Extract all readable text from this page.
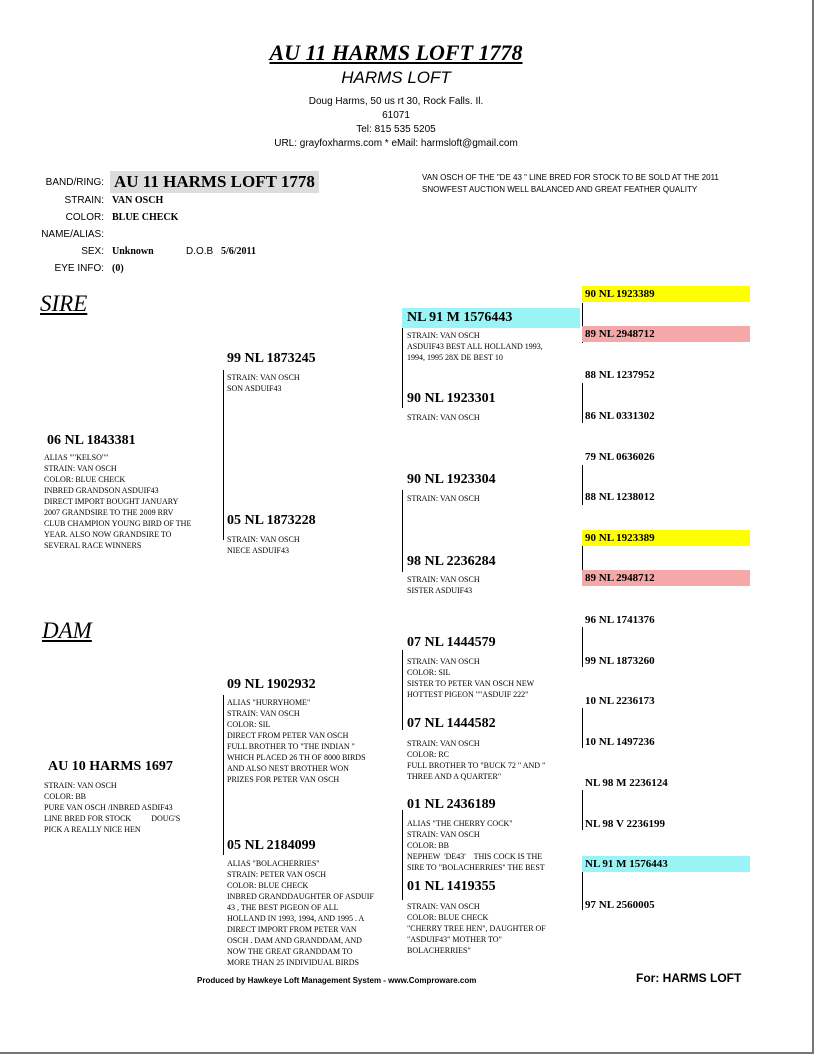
AU 11 HARMS LOFT 1778
HARMS LOFT
Doug Harms, 50 us rt 30, Rock Falls. Il.
61071
Tel: 815 535 5205
URL: grayfoxharms.com * eMail: harmsloft@gmail.com
BAND/RING: AU 11 HARMS LOFT 1778
STRAIN: VAN OSCH
COLOR: BLUE CHECK
NAME/ALIAS:
SEX: Unknown	D.O.B 5/6/2011
EYE INFO: (0)
VAN OSCH OF THE "DE 43 " LINE BRED FOR STOCK TO BE SOLD AT THE 2011 SNOWFEST AUCTION WELL BALANCED AND GREAT FEATHER QUALITY
SIRE
DAM
06 NL 1843381
ALIAS ""KELSO""
STRAIN: VAN OSCH
COLOR: BLUE CHECK
INBRED GRANDSON ASDUIF43
DIRECT IMPORT BOUGHT JANUARY
2007 GRANDSIRE TO THE 2009 RRV
CLUB CHAMPION YOUNG BIRD OF THE
YEAR. ALSO NOW GRANDSIRE TO
SEVERAL RACE WINNERS
99 NL 1873245
STRAIN: VAN OSCH
SON ASDUIF43
05 NL 1873228
STRAIN: VAN OSCH
NIECE ASDUIF43
NL 91 M 1576443
STRAIN: VAN OSCH
ASDUIF43 BEST ALL HOLLAND 1993,
1994, 1995 28X DE BEST 10
90 NL 1923301
STRAIN: VAN OSCH
90 NL 1923304
STRAIN: VAN OSCH
98 NL 2236284
STRAIN: VAN OSCH
SISTER ASDUIF43
AU 10 HARMS 1697
STRAIN: VAN OSCH
COLOR: BB
PURE VAN OSCH /INBRED ASDIF43
LINE BRED FOR STOCK          DOUG'S
PICK A REALLY NICE HEN
09 NL 1902932
ALIAS "HURRYHOME"
STRAIN: VAN OSCH
COLOR: SIL
DIRECT FROM PETER VAN OSCH
FULL BROTHER TO "THE INDIAN "
WHICH PLACED 26 TH OF 8000 BIRDS
AND ALSO NEST BROTHER WON
PRIZES FOR PETER VAN OSCH
05 NL 2184099
ALIAS "BOLACHERRIES"
STRAIN: PETER VAN OSCH
COLOR: BLUE CHECK
INBRED GRANDDAUGHTER OF ASDUIF
43 , THE BEST PIGEON OF ALL
HOLLAND IN 1993, 1994, AND 1995 . A
DIRECT IMPORT FROM PETER VAN
OSCH . DAM AND GRANDDAM, AND
NOW THE GREAT GRANDDAM TO
MORE THAN 25 INDIVIDUAL BIRDS
07 NL 1444579
STRAIN: VAN OSCH
COLOR: SIL
SISTER TO PETER VAN OSCH NEW
HOTTEST PIGEON ""ASDUIF 222"
07 NL 1444582
STRAIN: VAN OSCH
COLOR: RC
FULL BROTHER TO "BUCK 72 " AND "
THREE AND A QUARTER"
01 NL 2436189
ALIAS "THE CHERRY COCK"
STRAIN: VAN OSCH
COLOR: BB
NEPHEW  'DE43'    THIS COCK IS THE
SIRE TO "BOLACHERRIES" THE BEST
01 NL 1419355
STRAIN: VAN OSCH
COLOR: BLUE CHECK
"CHERRY TREE HEN", DAUGHTER OF
"ASDUIF43" MOTHER TO"
BOLACHERRIES"
90 NL 1923389
89 NL 2948712
88 NL 1237952
86 NL 0331302
79 NL 0636026
88 NL 1238012
90 NL 1923389
89 NL 2948712
96 NL 1741376
99 NL 1873260
10 NL 2236173
10 NL 1497236
NL 98 M 2236124
NL 98 V 2236199
NL 91 M 1576443
97 NL 2560005
Produced by Hawkeye Loft Management System - www.Comproware.com	For: HARMS LOFT
